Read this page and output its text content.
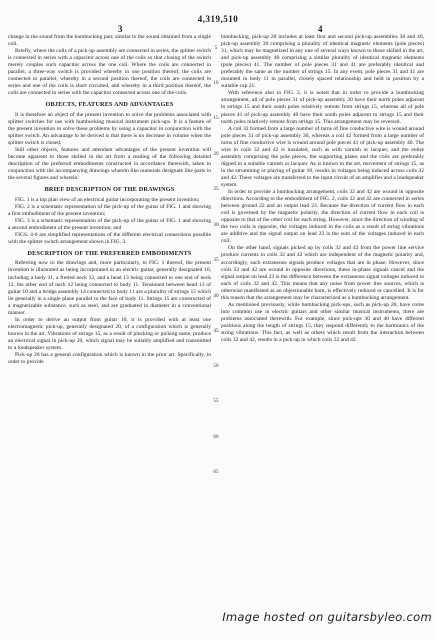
4,319,510
3	4

change in the sound from the humbucking pair, similar to the sound obtained from a single coil.

Briefly, where the coils of a pick-up assembly are connected in series, the splitter switch is connected in series with a capacitor across one of the coils so that closing of the switch merely couples such capacitor across the one coil. Where the coils are connected in parallel, a three-way switch is provided whereby in one position thereof, the coils are connected in parallel, whereby in a second position thereof, the coils are connected in series and one of the coils is short circuited, and whereby in a third position thereof, the coils are connected in series with the capacitor connected across one of the coils.

OBJECTS, FEATURES AND ADVANTAGES

It is therefore an object of the present invention to solve the problems associated with splitter switches for use with humbucking musical instrument pick-ups. It is a feature of the present invention to solve these problems by using a capacitor in conjunction with the splitter switch. An advantage to be derived is that there is no decrease in volume when the splitter switch is closed.

Still other objects, features and attendant advantages of the present invention will become apparent to those skilled in the art from a reading of the following detailed description of the preferred embodiments constructed in accordance therewith, taken in conjunction with the accompanying drawings wherein like numerals designate like parts in the several figures and wherein:

BRIEF DESCRIPTION OF THE DRAWINGS

FIG. 1 is a top plan view of an electrical guitar incorporating the present invention;

FIG. 2 is a schematic representation of the pick-up of the guitar of FIG. 1 and showing a first embodiment of the present invention;

FIG. 3 is a schematic representation of the pick-up of the guitar of FIG. 1 and showing a second embodiment of the present invention; and

FIGS. 4-6 are simplified representations of the different electrical connections possible with the splitter switch arrangement shown in FIG. 3.

DESCRIPTION OF THE PREFERRED EMBODIMENTS

Referring now to the drawings and, more particularly, to FIG. 1 thereof, the present invention is illustrated as being incorporated in an electric guitar, generally designated 10, including a body 11, a fretted neck 12, and a head 13 being connected to one end of neck 12, the other end of neck 12 being connected to body 11. Tensioned between head 13 of guitar 10 and a bridge assembly 14 connected to body 11 are a plurality of strings 15 which lie generally in a single plane parallel to the face of body 11. Strings 15 are constructed of a magnetizable substance, such as steel, and are graduated in diameter in a conventional manner.

In order to derive an output from guitar 10, it is provided with at least one electromagnetic pick-up, generally designated 20, of a configuration which is generally known in the art. Vibrations of strings 15, as a result of plucking or picking same, produce an electrical signal in pick-up 20, which signal may be suitably amplified and transmitted to a loudspeaker system.

Pick-up 20 has a general configuration which is known in the prior art. Specifically, in order to provide

humbucking, pick-up 20 includes at least first and second pick-up assemblies 30 and 40, pick-up assembly 30 comprising a plurality of identical magnetic elements (pole pieces) 31, which may be magnetized in any one of several ways known to those skilled in the art, and pick-up assembly 40 comprising a similar plurality of identical magnetic elements (pole pieces) 41. The number of pole pieces 31 and 41 are preferably identical and preferably the same as the number of strings 15. In any event, pole pieces 31 and 41 are mounted in body 11 in parallel, closely spaced relationship and held in position by a suitable cap 21.

With reference also to FIG. 2, it is noted that in order to provide a humbucking arrangement, all of pole pieces 31 of pick-up assembly 30 have their north poles adjacent to strings 15 and their south poles relatively remote from strings 15, whereas all of pole pieces 41 of pick-up assembly 40 have their south poles adjacent to strings 15 and their north poles relatively remote from strings 15. This arrangement may be reversed.

A coil 32 formed from a large number of turns of fine conductive wire is wound around pole pieces 31 of pick-up assembly 30, whereas a coil 42 formed from a large number of turns of fine conductive wire is wound around pole pieces 41 of pick-up assembly 40. The wire in coils 32 and 42 is insulated, such as with varnish or lacquer, and the entire assembly comprising the pole pieces, the supporting plates and the coils are preferably dipped in a suitable varnish or lacquer. As is known in the art, movement of strings 15, as in the strumming or playing of guitar 10, results in voltages being induced across coils 32 and 42. These voltages are transferred to the input circuit of an amplifier and a loudspeaker system.

In order to provide a humbucking arrangement, coils 32 and 42 are wound in opposite directions. According to the embodiment of FIG. 2, coils 32 and 42 are connected in series between ground 22 and an output lead 23. Because the direction of current flow in each coil is governed by the magnetic polarity, the direction of current flow in each coil is opposite to that of the other coil for each string. However, since the direction of winding of the two coils is opposite, the voltages induced in the coils as a result of string vibrations are additive and the signal output on lead 23 is the sum of the voltages induced in each coil.

On the other hand, signals picked up by coils 32 and 42 from the power line service produce currents in coils 32 and 42 which are independent of the magnetic polarity and, accordingly, such extraneous signals produce voltages that are in phase. However, since coils 32 and 42 are wound in opposite directions, these in-phase signals cancel and the signal output on lead 23 is the difference between the extraneous signal voltages induced in each of coils 32 and 42. This means that any noise from power line sources, which is otherwise manifested as an objectionable hum, is effectively reduced or cancelled. It is for this reason that the arrangement may be characterized as a humbucking arrangement.

As mentioned previously, while humbucking pick-ups, such as pick-up 20, have come into common use in electric guitars and other similar musical instruments, there are problems associated therewith. For example, since pick-ups 30 and 40 have different positions along the length of strings 15, they respond differently to the harmonics of the string vibrations. This fact, as well as others which result from the interaction between coils 32 and 42, results in a pick-up in which coils 32 and 42

5
10
15
20
25
30
35
40
45
50
55
60
65
Image hosted on guitarsbyleo.com
